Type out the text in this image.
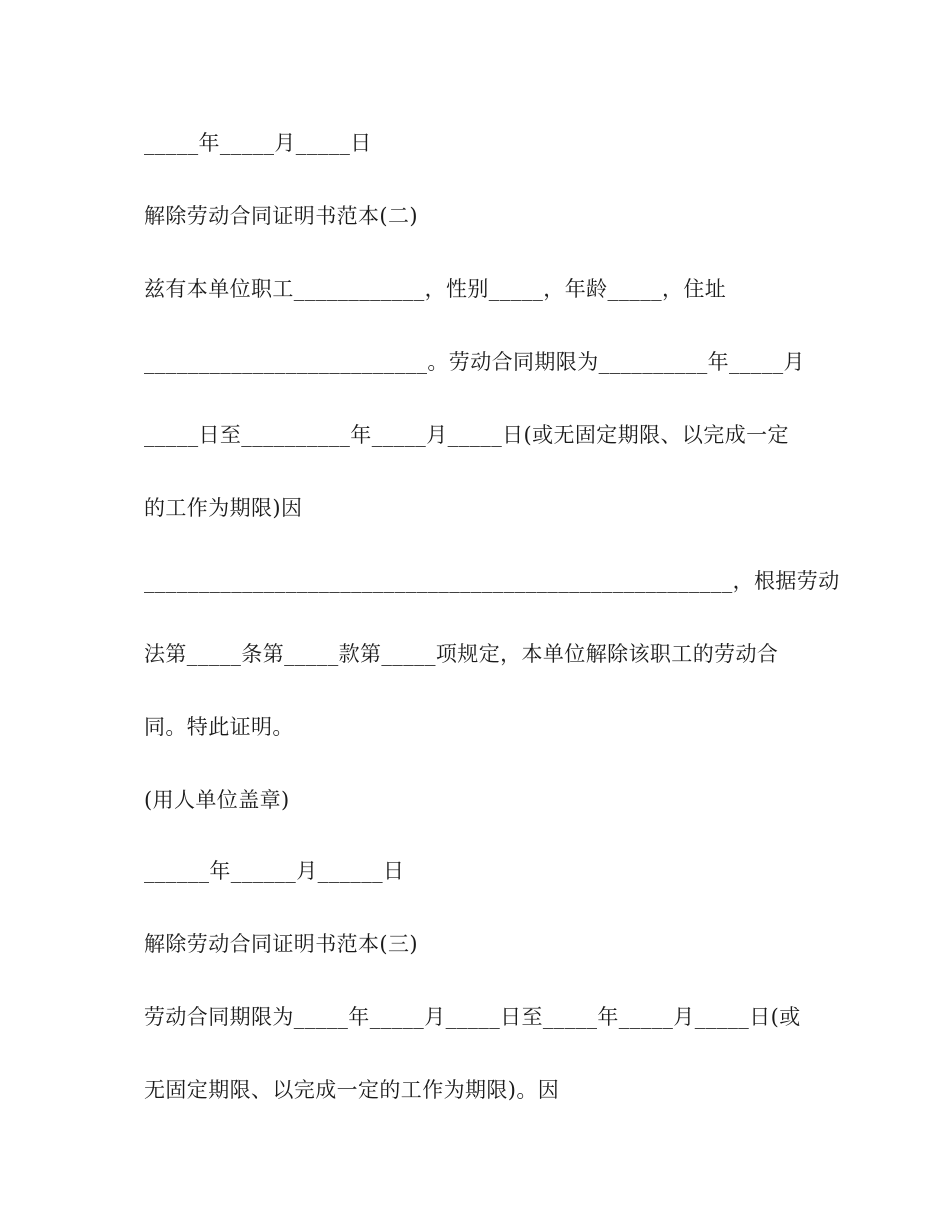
_____年_____月_____日
解除劳动合同证明书范本(二)
兹有本单位职工____________，性别_____，年龄_____，住址
__________________________。劳动合同期限为__________年_____月
_____日至__________年_____月_____日(或无固定期限、以完成一定
的工作为期限)因
______________________________________________________，根据劳动
法第_____条第_____款第_____项规定，本单位解除该职工的劳动合
同。特此证明。
(用人单位盖章)
______年______月______日
解除劳动合同证明书范本(三)
劳动合同期限为_____年_____月_____日至_____年_____月_____日(或
无固定期限、以完成一定的工作为期限)。因
